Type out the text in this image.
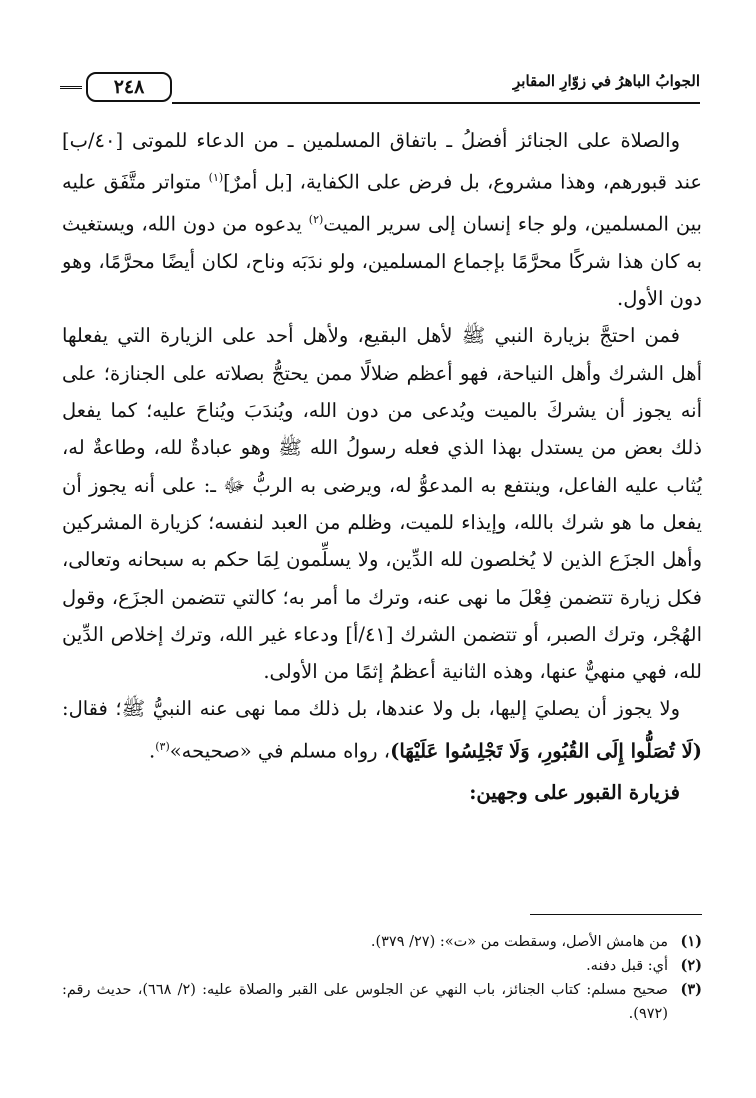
الجوابُ الباهرُ في زوّارِ المقابرِ
٢٤٨

والصلاة على الجنائز أفضلُ ـ باتفاق المسلمين ـ من الدعاء للموتى [٤٠/ب] عند قبورهم، وهذا مشروع، بل فرض على الكفاية، [بل أمرٌ]$^{(١)}$ متواتر متَّفَق عليه بين المسلمين، ولو جاء إنسان إلى سرير الميت$^{(٢)}$ يدعوه من دون الله، ويستغيث به كان هذا شركًا محرَّمًا بإجماع المسلمين، ولو ندَبَه وناح، لكان أيضًا محرَّمًا، وهو دون الأول.

فمن احتجَّ بزيارة النبي ﷺ لأهل البقيع، ولأهل أحد على الزيارة التي يفعلها أهل الشرك وأهل النياحة، فهو أعظم ضلالًا ممن يحتجُّ بصلاته على الجنازة؛ على أنه يجوز أن يشركَ بالميت ويُدعى من دون الله، ويُندَبَ ويُناحَ عليه؛ كما يفعل ذلك بعض من يستدل بهذا الذي فعله رسولُ الله ﷺ وهو عبادةٌ لله، وطاعةٌ له، يُثاب عليه الفاعل، وينتفع به المدعوُّ له، ويرضى به الربُّ ﷻ ـ: على أنه يجوز أن يفعل ما هو شرك بالله، وإيذاء للميت، وظلم من العبد لنفسه؛ كزيارة المشركين وأهل الجزَع الذين لا يُخلصون لله الدِّين، ولا يسلِّمون لِمَا حكم به سبحانه وتعالى، فكل زيارة تتضمن فِعْلَ ما نهى عنه، وترك ما أمر به؛ كالتي تتضمن الجزَع، وقول الهُجْر، وترك الصبر، أو تتضمن الشرك [٤١/أ] ودعاء غير الله، وترك إخلاص الدِّين لله، فهي منهيٌّ عنها، وهذه الثانية أعظمُ إثمًا من الأولى.

ولا يجوز أن يصليَ إليها، بل ولا عندها، بل ذلك مما نهى عنه النبيُّ ﷺ؛ فقال: (لَا تُصَلُّوا إِلَى القُبُورِ، وَلَا تَجْلِسُوا عَلَيْهَا)، رواه مسلم في «صحيحه»$^{(٣)}$.

فزيارة القبور على وجهين:

(١)
من هامش الأصل، وسقطت من «ت»: (٢٧/ ٣٧٩).
(٢)
أي: قبل دفنه.
(٣)
صحيح مسلم: كتاب الجنائز، باب النهي عن الجلوس على القبر والصلاة عليه: (٢/ ٦٦٨)، حديث رقم: (٩٧٢).
